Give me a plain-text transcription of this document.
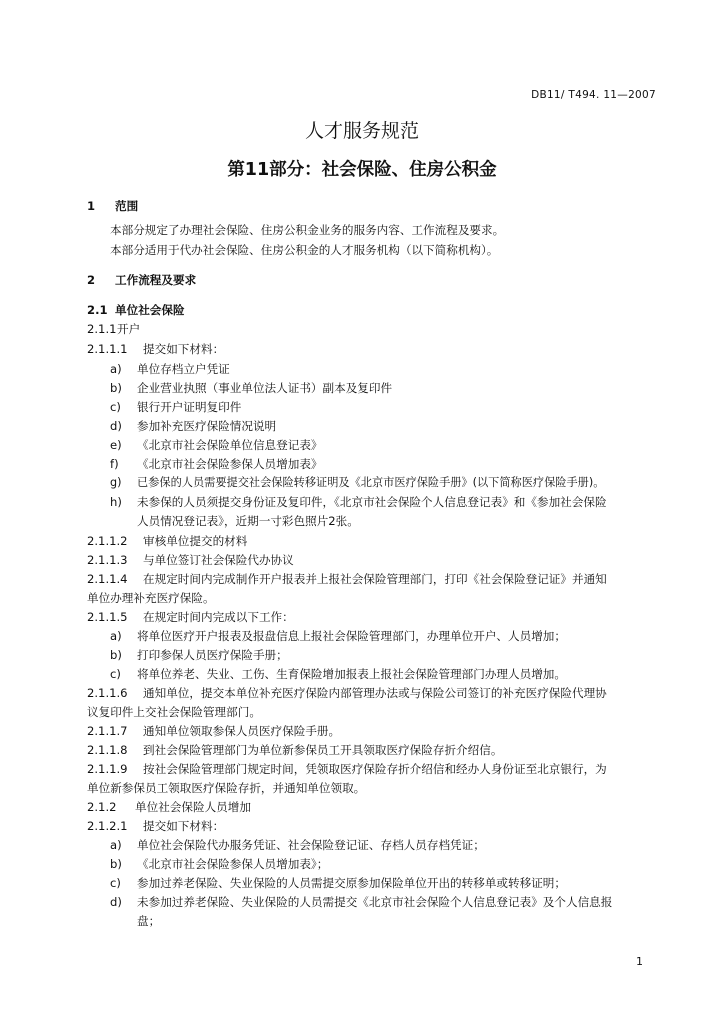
DB11/ T494. 11—2007
人才服务规范
第11部分：社会保险、住房公积金
1 范围
本部分规定了办理社会保险、住房公积金业务的服务内容、工作流程及要求。
本部分适用于代办社会保险、住房公积金的人才服务机构（以下简称机构）。
2 工作流程及要求
2.1 单位社会保险
2.1.1开户
2.1.1.1 提交如下材料：
a) 单位存档立户凭证
b) 企业营业执照（事业单位法人证书）副本及复印件
c) 银行开户证明复印件
d) 参加补充医疗保险情况说明
e) 《北京市社会保险单位信息登记表》
f) 《北京市社会保险参保人员增加表》
g) 已参保的人员需要提交社会保险转移证明及《北京市医疗保险手册》(以下简称医疗保险手册)。
h) 未参保的人员须提交身份证及复印件，《北京市社会保险个人信息登记表》和《参加社会保险
人员情况登记表》，近期一寸彩色照片2张。
2.1.1.2 审核单位提交的材料
2.1.1.3 与单位签订社会保险代办协议
2.1.1.4 在规定时间内完成制作开户报表并上报社会保险管理部门，打印《社会保险登记证》并通知
单位办理补充医疗保险。
2.1.1.5 在规定时间内完成以下工作：
a) 将单位医疗开户报表及报盘信息上报社会保险管理部门，办理单位开户、人员增加；
b) 打印参保人员医疗保险手册；
c) 将单位养老、失业、工伤、生育保险增加报表上报社会保险管理部门办理人员增加。
2.1.1.6 通知单位，提交本单位补充医疗保险内部管理办法或与保险公司签订的补充医疗保险代理协
议复印件上交社会保险管理部门。
2.1.1.7 通知单位领取参保人员医疗保险手册。
2.1.1.8 到社会保险管理部门为单位新参保员工开具领取医疗保险存折介绍信。
2.1.1.9 按社会保险管理部门规定时间，凭领取医疗保险存折介绍信和经办人身份证至北京银行，为
单位新参保员工领取医疗保险存折，并通知单位领取。
2.1.2 单位社会保险人员增加
2.1.2.1 提交如下材料：
a) 单位社会保险代办服务凭证、社会保险登记证、存档人员存档凭证；
b) 《北京市社会保险参保人员增加表》；
c) 参加过养老保险、失业保险的人员需提交原参加保险单位开出的转移单或转移证明；
d) 未参加过养老保险、失业保险的人员需提交《北京市社会保险个人信息登记表》及个人信息报
盘；
1
